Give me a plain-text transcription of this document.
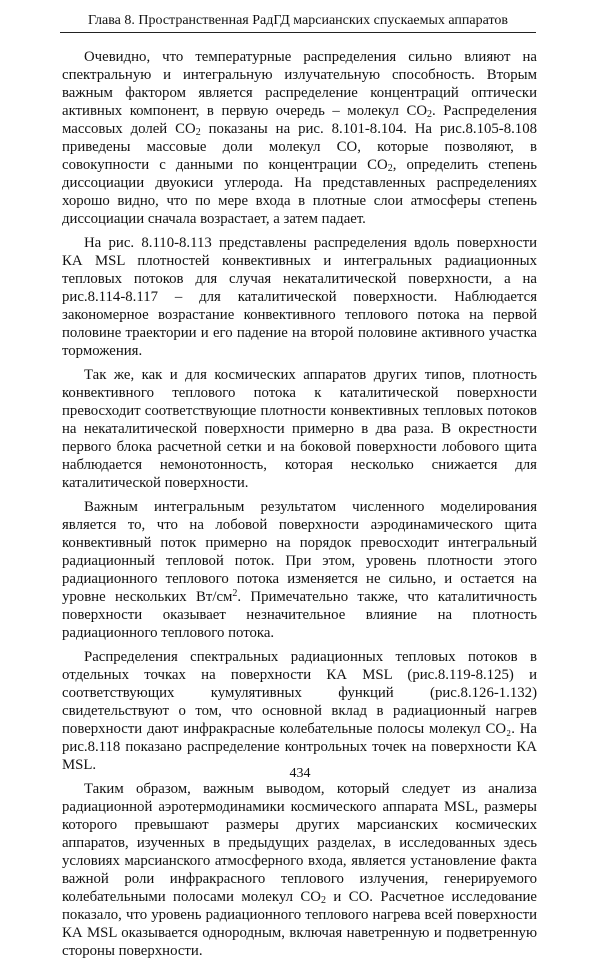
Глава 8. Пространственная РадГД марсианских спускаемых аппаратов

Очевидно, что температурные распределения сильно влияют на спектральную и интегральную излучательную способность. Вторым важным фактором является распределение концентраций оптически активных компонент, в первую очередь – молекул $CO_2$. Распределения массовых долей $CO_2$ показаны на рис. 8.101-8.104. На рис.8.105-8.108 приведены массовые доли молекул CO, которые позволяют, в совокупности с данными по концентрации $CO_2$, определить степень диссоциации двуокиси углерода. На представленных распределениях хорошо видно, что по мере входа в плотные слои атмосферы степень диссоциации сначала возрастает, а затем падает.

На рис. 8.110-8.113 представлены распределения вдоль поверхности КА MSL плотностей конвективных и интегральных радиационных тепловых потоков для случая некаталитической поверхности, а на рис.8.114-8.117 – для каталитической поверхности. Наблюдается закономерное возрастание конвективного теплового потока на первой половине траектории и его падение на второй половине активного участка торможения.

Так же, как и для космических аппаратов других типов, плотность конвективного теплового потока к каталитической поверхности превосходит соответствующие плотности конвективных тепловых потоков на некаталитической поверхности примерно в два раза. В окрестности первого блока расчетной сетки и на боковой поверхности лобового щита наблюдается немонотонность, которая несколько снижается для каталитической поверхности.

Важным интегральным результатом численного моделирования является то, что на лобовой поверхности аэродинамического щита конвективный поток примерно на порядок превосходит интегральный радиационный тепловой поток. При этом, уровень плотности этого радиационного теплового потока изменяется не сильно, и остается на уровне нескольких $Вт/см^2$. Примечательно также, что каталитичность поверхности оказывает незначительное влияние на плотность радиационного теплового потока.

Распределения спектральных радиационных тепловых потоков в отдельных точках на поверхности КА MSL (рис.8.119-8.125) и соответствующих кумулятивных функций (рис.8.126-1.132) свидетельствуют о том, что основной вклад в радиационный нагрев поверхности дают инфракрасные колебательные полосы молекул CO₂. На рис.8.118 показано распределение контрольных точек на поверхности КА MSL.

Таким образом, важным выводом, который следует из анализа радиационной аэротермодинамики космического аппарата MSL, размеры которого превышают размеры других марсианских космических аппаратов, изученных в предыдущих разделах, в исследованных здесь условиях марсианского атмосферного входа, является установление факта важной роли инфракрасного теплового излучения, генерируемого колебательными полосами молекул $CO_2$ и CO. Расчетное исследование показало, что уровень радиационного теплового нагрева всей поверхности КА MSL оказывается однородным, включая наветренную и подветренную стороны поверхности.

434
